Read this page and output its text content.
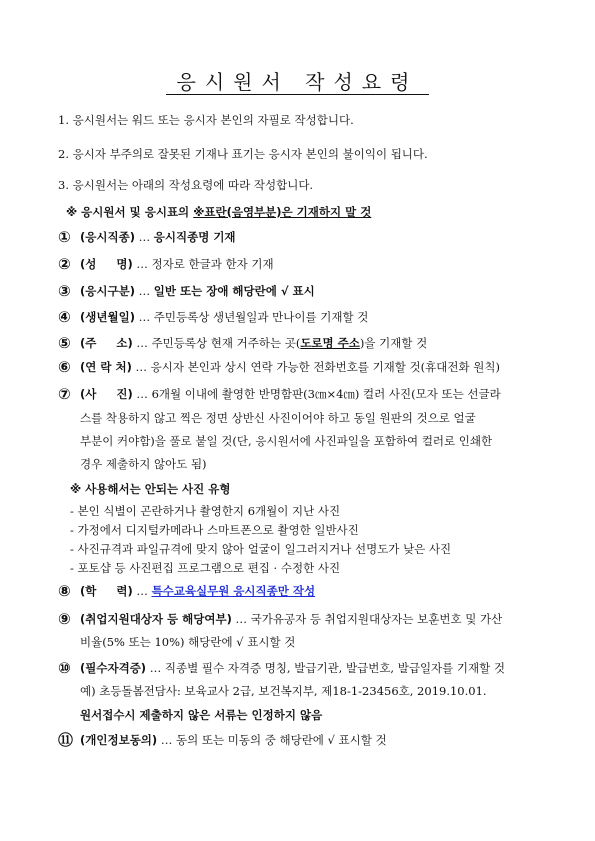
응시원서 작성요령
1. 응시원서는 워드 또는 응시자 본인의 자필로 작성합니다.
2. 응시자 부주의로 잘못된 기재나 표기는 응시자 본인의 불이익이 됩니다.
3. 응시원서는 아래의 작성요령에 따라 작성합니다.
※ 응시원서 및 응시표의 ※표란(음영부분)은 기재하지 말 것
① (응시직종) … 응시직종명 기재
② (성     명) … 정자로 한글과 한자 기재
③ (응시구분) … 일반 또는 장애 해당란에 √ 표시
④ (생년월일) … 주민등록상 생년월일과 만나이를 기재할 것
⑤ (주     소) … 주민등록상 현재 거주하는 곳(도로명 주소)을 기재할 것
⑥ (연 락 처) … 응시자 본인과 상시 연락 가능한 전화번호를 기재할 것(휴대전화 원칙)
⑦ (사     진) … 6개월 이내에 촬영한 반명함판(3㎝×4㎝) 컬러 사진(모자 또는 선글라
스를 착용하지 않고 찍은 정면 상반신 사진이어야 하고 동일 원판의 것으로 얼굴
부분이 커야함)을 풀로 붙일 것(단, 응시원서에 사진파일을 포함하여 컬러로 인쇄한
경우 제출하지 않아도 됨)
※ 사용해서는 안되는 사진 유형
- 본인 식별이 곤란하거나 촬영한지 6개월이 지난 사진
- 가정에서 디지털카메라나 스마트폰으로 촬영한 일반사진
- 사진규격과 파일규격에 맞지 않아 얼굴이 일그러지거나 선명도가 낮은 사진
- 포토샵 등 사진편집 프로그램으로 편집 · 수정한 사진
⑧ (학     력) … 특수교육실무원 응시직종만 작성
⑨ (취업지원대상자 등 해당여부) … 국가유공자 등 취업지원대상자는 보훈번호 및 가산
비율(5% 또는 10%) 해당란에 √ 표시할 것
⑩ (필수자격증) … 직종별 필수 자격증 명칭, 발급기관, 발급번호, 발급일자를 기재할 것
예) 초등돌봄전담사: 보육교사 2급, 보건복지부, 제18-1-23456호, 2019.10.01.
원서접수시 제출하지 않은 서류는 인정하지 않음
⑪ (개인정보동의) … 동의 또는 미동의 중 해당란에 √ 표시할 것
